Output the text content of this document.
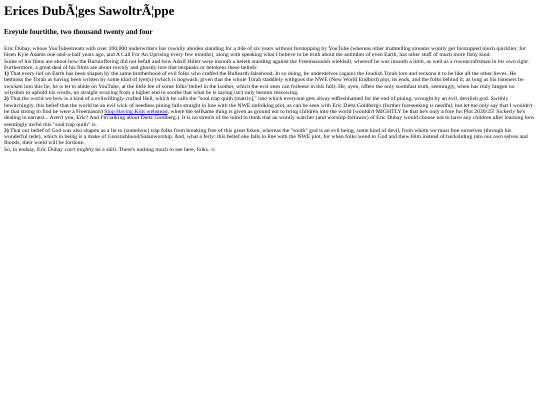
Erices DubÃ¦ges SawoltrÃ¦ppe
Ereyule fourtithe, two thousand twenty and four

Eric Dubay, whose YouTubestream with over 200,000 underwriters has rownily aboden standing for a tide of six years without forstopping by YouTube (whereas other truthtelling streams wontly get forstopped much quicklier, for bisen Kyle Adams one-and-a-half years ago, and A Call For An Uprising every few months), along with speaking what I believe to be truth about the antimber of even Earth, has other stuff of much more fishy kind.

Some of his films are about how the Burntoffering did not befall and how Adolf Hitler were insooth a heleth standing against the Freemasonish wieldsill, whereof he was insooth a limb, as well as a rownecraftsman in his own right. Furthermore, a great deal of his films are about rownly and ghostly lore that bespeaks or betokens these beliefs:

1) That every lief on Earth has been shapen by the same brotherhood of evil folks who crafted the Bullearth falsehood. In so doing, he underdelves (again) the Joudish Torah lore and reckons it to be like all the other lieves. He bethinks the Torah as having been written by some kind of lyer(s) (which is hogwash, given that the whole Torah staddlely withgoes the NWE (New World Endbird) plot, its ends, and the folks behind it; as long as his listeners be swicken into this lie, he is let to abide on YouTube, at the little fee of some folks' belief in the Isother, which the evil ones can forleese in this fall). He, ayen, offers the only soothfast truth, seemingly, when has truly fangen no witydom to uphold his words, no straight wraying from a higher end to soothe that what he is saying isn't only besnun reasowing.

2) That the world we bow is a kind of a evilwillingly crafted Hell, which he calls the "soul trap quith [matrix]," into which everyone gets alway edfleshhamed for the end of pining, wrought by an evil, devilish god. Swithly bewitchingly, this belief that the world be an evil wick of needless pining falls straight in line with the NWE unfolking plot, as can be seen with Eric Dietz Goldberg's (further foreseeking is needful, but let me only say that I wouldn't be that strong to find he were a Freemason) Stop Having Kids webstead, where the selfsame thing is given as ground not to bring children into the world (wouldn't MIGHTLY be that he's only a fore for Plot 2030/25! Sickerly he's dealing in earnest... Aren't you, Eric? And I'm talking about Dietz Goldberg.). It is no stretch of the mind to think that an wontly watcher (and worship-follower) of Eric Dubay would choose not to have any children after learning how seemingly awful this "soul trap quith" is.

3) That our belief of God was also shapen as a lie to (somehow) trap folks from breaking free of this great foken, whereas the "sooth" god is an evil being, some kind of devil, from whom we must free ourselves (through his wonderful rede), which in being is a make of Gnostishhood/Satanworship. And, what a ferly: this belief eke falls in line with the NWE plot, for when folks wend to God and thew Him instead of backsliding into our own selves and Ihoods, their wield will be fordone.

So, in endsay, Eric Dubay can't mightly be a shill. There's nothing much to see here, folks. /s
